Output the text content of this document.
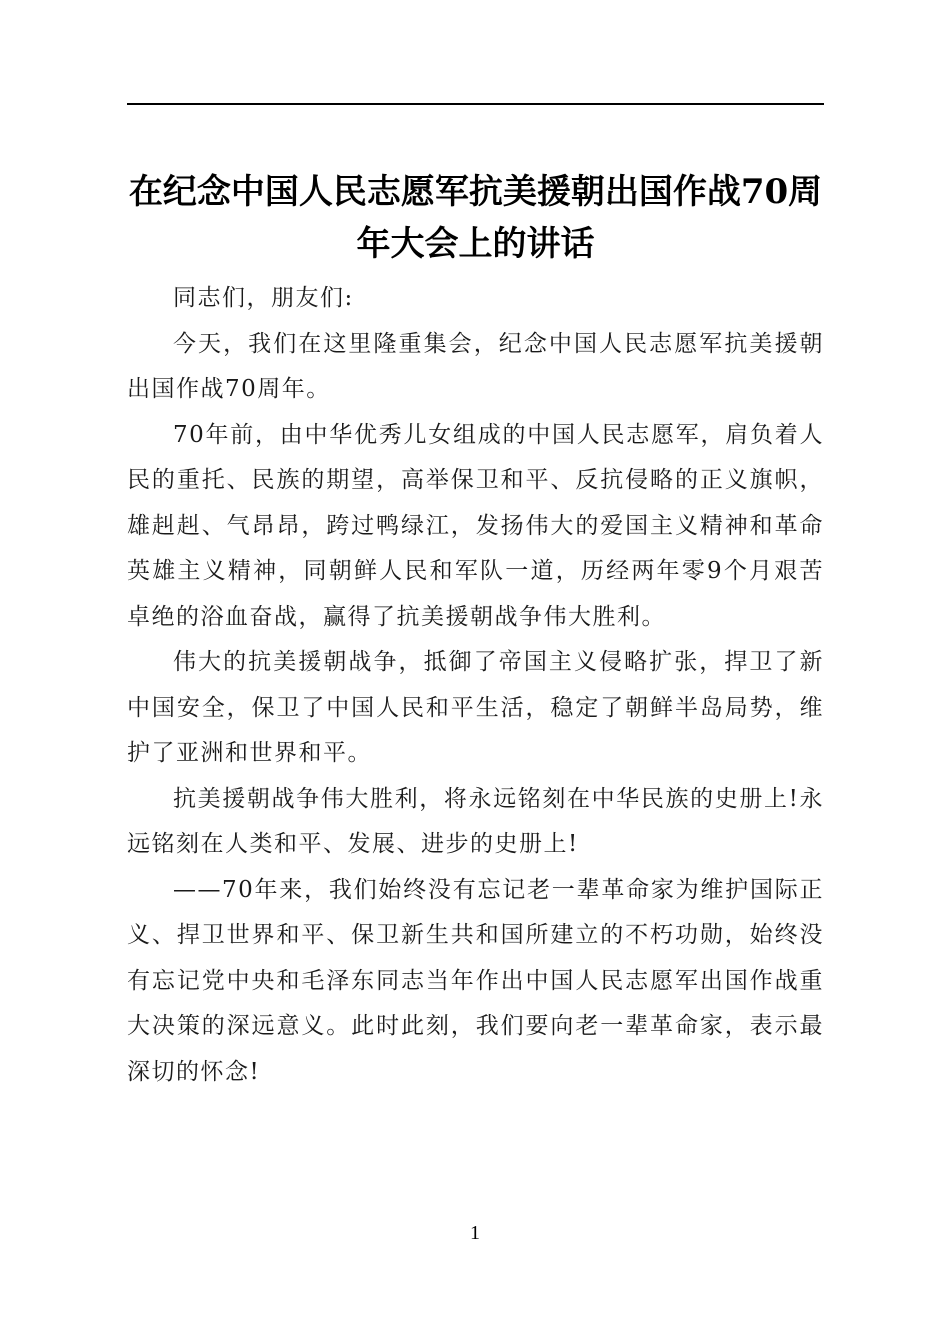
在纪念中国人民志愿军抗美援朝出国作战70周年大会上的讲话

同志们，朋友们:

今天，我们在这里隆重集会，纪念中国人民志愿军抗美援朝出国作战70周年。

70年前，由中华优秀儿女组成的中国人民志愿军，肩负着人民的重托、民族的期望，高举保卫和平、反抗侵略的正义旗帜，雄赳赳、气昂昂，跨过鸭绿江，发扬伟大的爱国主义精神和革命英雄主义精神，同朝鲜人民和军队一道，历经两年零9个月艰苦卓绝的浴血奋战，赢得了抗美援朝战争伟大胜利。

伟大的抗美援朝战争，抵御了帝国主义侵略扩张，捍卫了新中国安全，保卫了中国人民和平生活，稳定了朝鲜半岛局势，维护了亚洲和世界和平。

抗美援朝战争伟大胜利，将永远铭刻在中华民族的史册上!永远铭刻在人类和平、发展、进步的史册上!

——70年来，我们始终没有忘记老一辈革命家为维护国际正义、捍卫世界和平、保卫新生共和国所建立的不朽功勋，始终没有忘记党中央和毛泽东同志当年作出中国人民志愿军出国作战重大决策的深远意义。此时此刻，我们要向老一辈革命家，表示最深切的怀念!

1
